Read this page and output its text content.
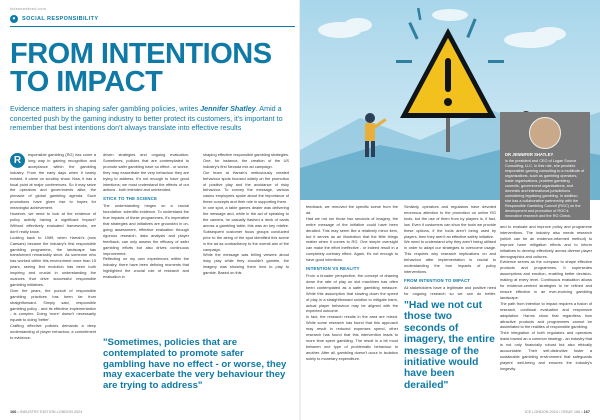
kidsnewsfeed.com
♥	SOCIAL RESPONSIBILITY
FROM INTENTIONS
TO IMPACT
Evidence matters in shaping safer gambling policies, writes Jennifer Shatley. Amid a concerted push by the gaming industry to better protect its customers, it's important to remember that best intentions don't always translate into effective results
DR JENNIFER SHATLEY
is the president and CEO of Logan Source Consulting, LLC. In this role, she provides responsible gaming consulting to a multitude of organisations, such as gambling operators, trade organisations, problem gambling councils, government organisations, and domestic and international jurisdictions considering legalising gambling. In addition, she has a collaborative partnership with the Responsible Gambling Council (RGC) on the development and promotion of RGC's innovative research and the RG Check.
R

esponsible gambling (RG) has come a long way in gaining recognition and acceptance within the gambling industry. From the early days when it barely existed, it came on scrutiny show. Now, it has a focal point at major conferences. So it may seize the operators and governments alike, the pinnacle of global gambling agenda. Such promotions have given rise to hopes for meaningful achievement.

However, we need to look at the evidence of policy activity having a significant impact? Without effectively evaluated frameworks, we don't really know.

Looking back to 1989, when Harrah's (now Caesars) became the industry's first responsible gambling programme, the landscape has transformed remarkably since. As someone who has worked within this environment more than 15 years, seeing first evolution has been both inspiring and crucial in understanding the nuances that drive successful responsible gambling initiatives.

Over the years, the pursuit of responsible gambling practices has been far from straightforward. Simply said, responsible gambling policy - and its effective implementation - is complex. Doing 'more' doesn't necessarily equate to doing 'better'.

Crafting effective policies demands a deep understanding of player behaviour, a commitment to evidence-

driven strategies and ongoing evaluation. Sometimes, policies that are contemplated to promote safer gambling have no effect - or worse, they may exacerbate the very behaviour they are trying to address. It's not enough to have good intentions; we must understand the effects of our actions - both intended and unintended.

STICK TO THE SCIENCE

The understanding hinges on a crucial foundation: scientific evidence. To understand the true impacts of these programmes, it's imperative that strategies and initiatives are grounded in on-going assessment, effective evaluation through rigorous research, data analysis and player feedback; can only assess the efficacy of safer gambling efforts but also drives continuous improvement.

Reflecting on my own experiences within the industry, there have been defining moments that highlighted the crucial role of research and evaluation in

shaping effective responsible gambling strategies. One, for instance, the creation of the US industry's first Nevada mix ad campaign.

Our team at Harrah's meticulously created behaviour spots focused widely on the promotion of positive play and the avoidance of risky behaviour. To convey the message, various casino employees spoke about the importance of these concepts and their role in supporting them.

In one spot, a table games dealer was delivering the message and, while in the act of speaking to the camera, he casually flashed a deck of cards across a gambling table; this was an key misfire. Subsequent customer focus groups conducted prior to the airing of the spot identified this scene in the ad as contradictory to the overall aim of the campaign.

While the message was telling viewers about risky play while they shouldn't gamble, the imagery was showing them how to play to gamble. Based on this

"Sometimes, policies that are contemplated to promote safer gambling have no effect - or worse, they may exacerbate the very behaviour they are trying to address"

feedback, we removed the specific scene from the ad.

Had we not run those two seconds of imagery, the entire message of the initiative could have been derailed. This may seem like a relatively minor item, but it serves as an illustration that the little things matter when it comes to RG. One simple oversight can make the effort ineffective - or indeed result in a completely contrary effect. Again, it's not enough to have good intentions.

INTENTION VS REALITY

From a broader perspective, the concept of drawing down the rate of play on slot machines has often been contemplated as a safer gambling measure. While this assumption that slowing down the speed of play in a straightforward solution to mitigate harm, actual player behaviour may be aligned with the expected outcome.

In fact, the research results in the area are mixed. While some research has found that this approach may result in reduced expenses spend, other research has found that this intervention leads to more time spent gambling. The result is a bit moot between one type of problematic behaviour to another. After all, gambling doesn't occur in isolation solely to monetary expenditure.

Similarly, operators and regulators have devoted enormous attention to the promotion on online RG tools, but the use of them from by players is, if fact, low. Even if customers can shun the tools we provide these options, if the tools aren't being used by players, then they aren't an effective safety initiative.

We need to understand why they aren't being utilised in order to adapt our strategies to overcome usage. This requires why research implications on and behaviour after implementation is crucial to understanding the true impacts of policy interventions.

FROM INTENTION TO IMPACT

All stakeholders have a legitimate and positive need for ongoing research so we can do better.

"Had we not cut those two seconds of imagery, the entire message of the initiative would have been derailed"

and to evaluate and improve policy and programme interventions. The industry also needs research (which can be an evidence-informed method) to improve harm mitigation efforts and to inform initiatives to develop effectively across diverse player demographics and cultures.

Evidence serves as the compass to shape effective products and programmes. It supersedes assumptions and emotion, enabling better decision-making at every level. Continuous evaluation allows for evidence-centred strategies to be refined and ensure effective in an ever-evolving gambling landscape.

The path from intention to impact requires a fusion of research, continual evaluation and responsive adaptation. Harms show that regardless how attractive products and programmes cannot be assimilated to the realities of responsible gambling.

Their integration of both regulators and operators leads toward an a common strategy - an industry that is not only financially robust but also ethically accountable. Their self-distinctive foster a sustainable gambling environment that safeguards players' well-being and ensures the industry's longevity.

166 • INDUSTRY EDITION LONDON 2024	ICE LONDON 2024 • ISSUE 166 • 167
